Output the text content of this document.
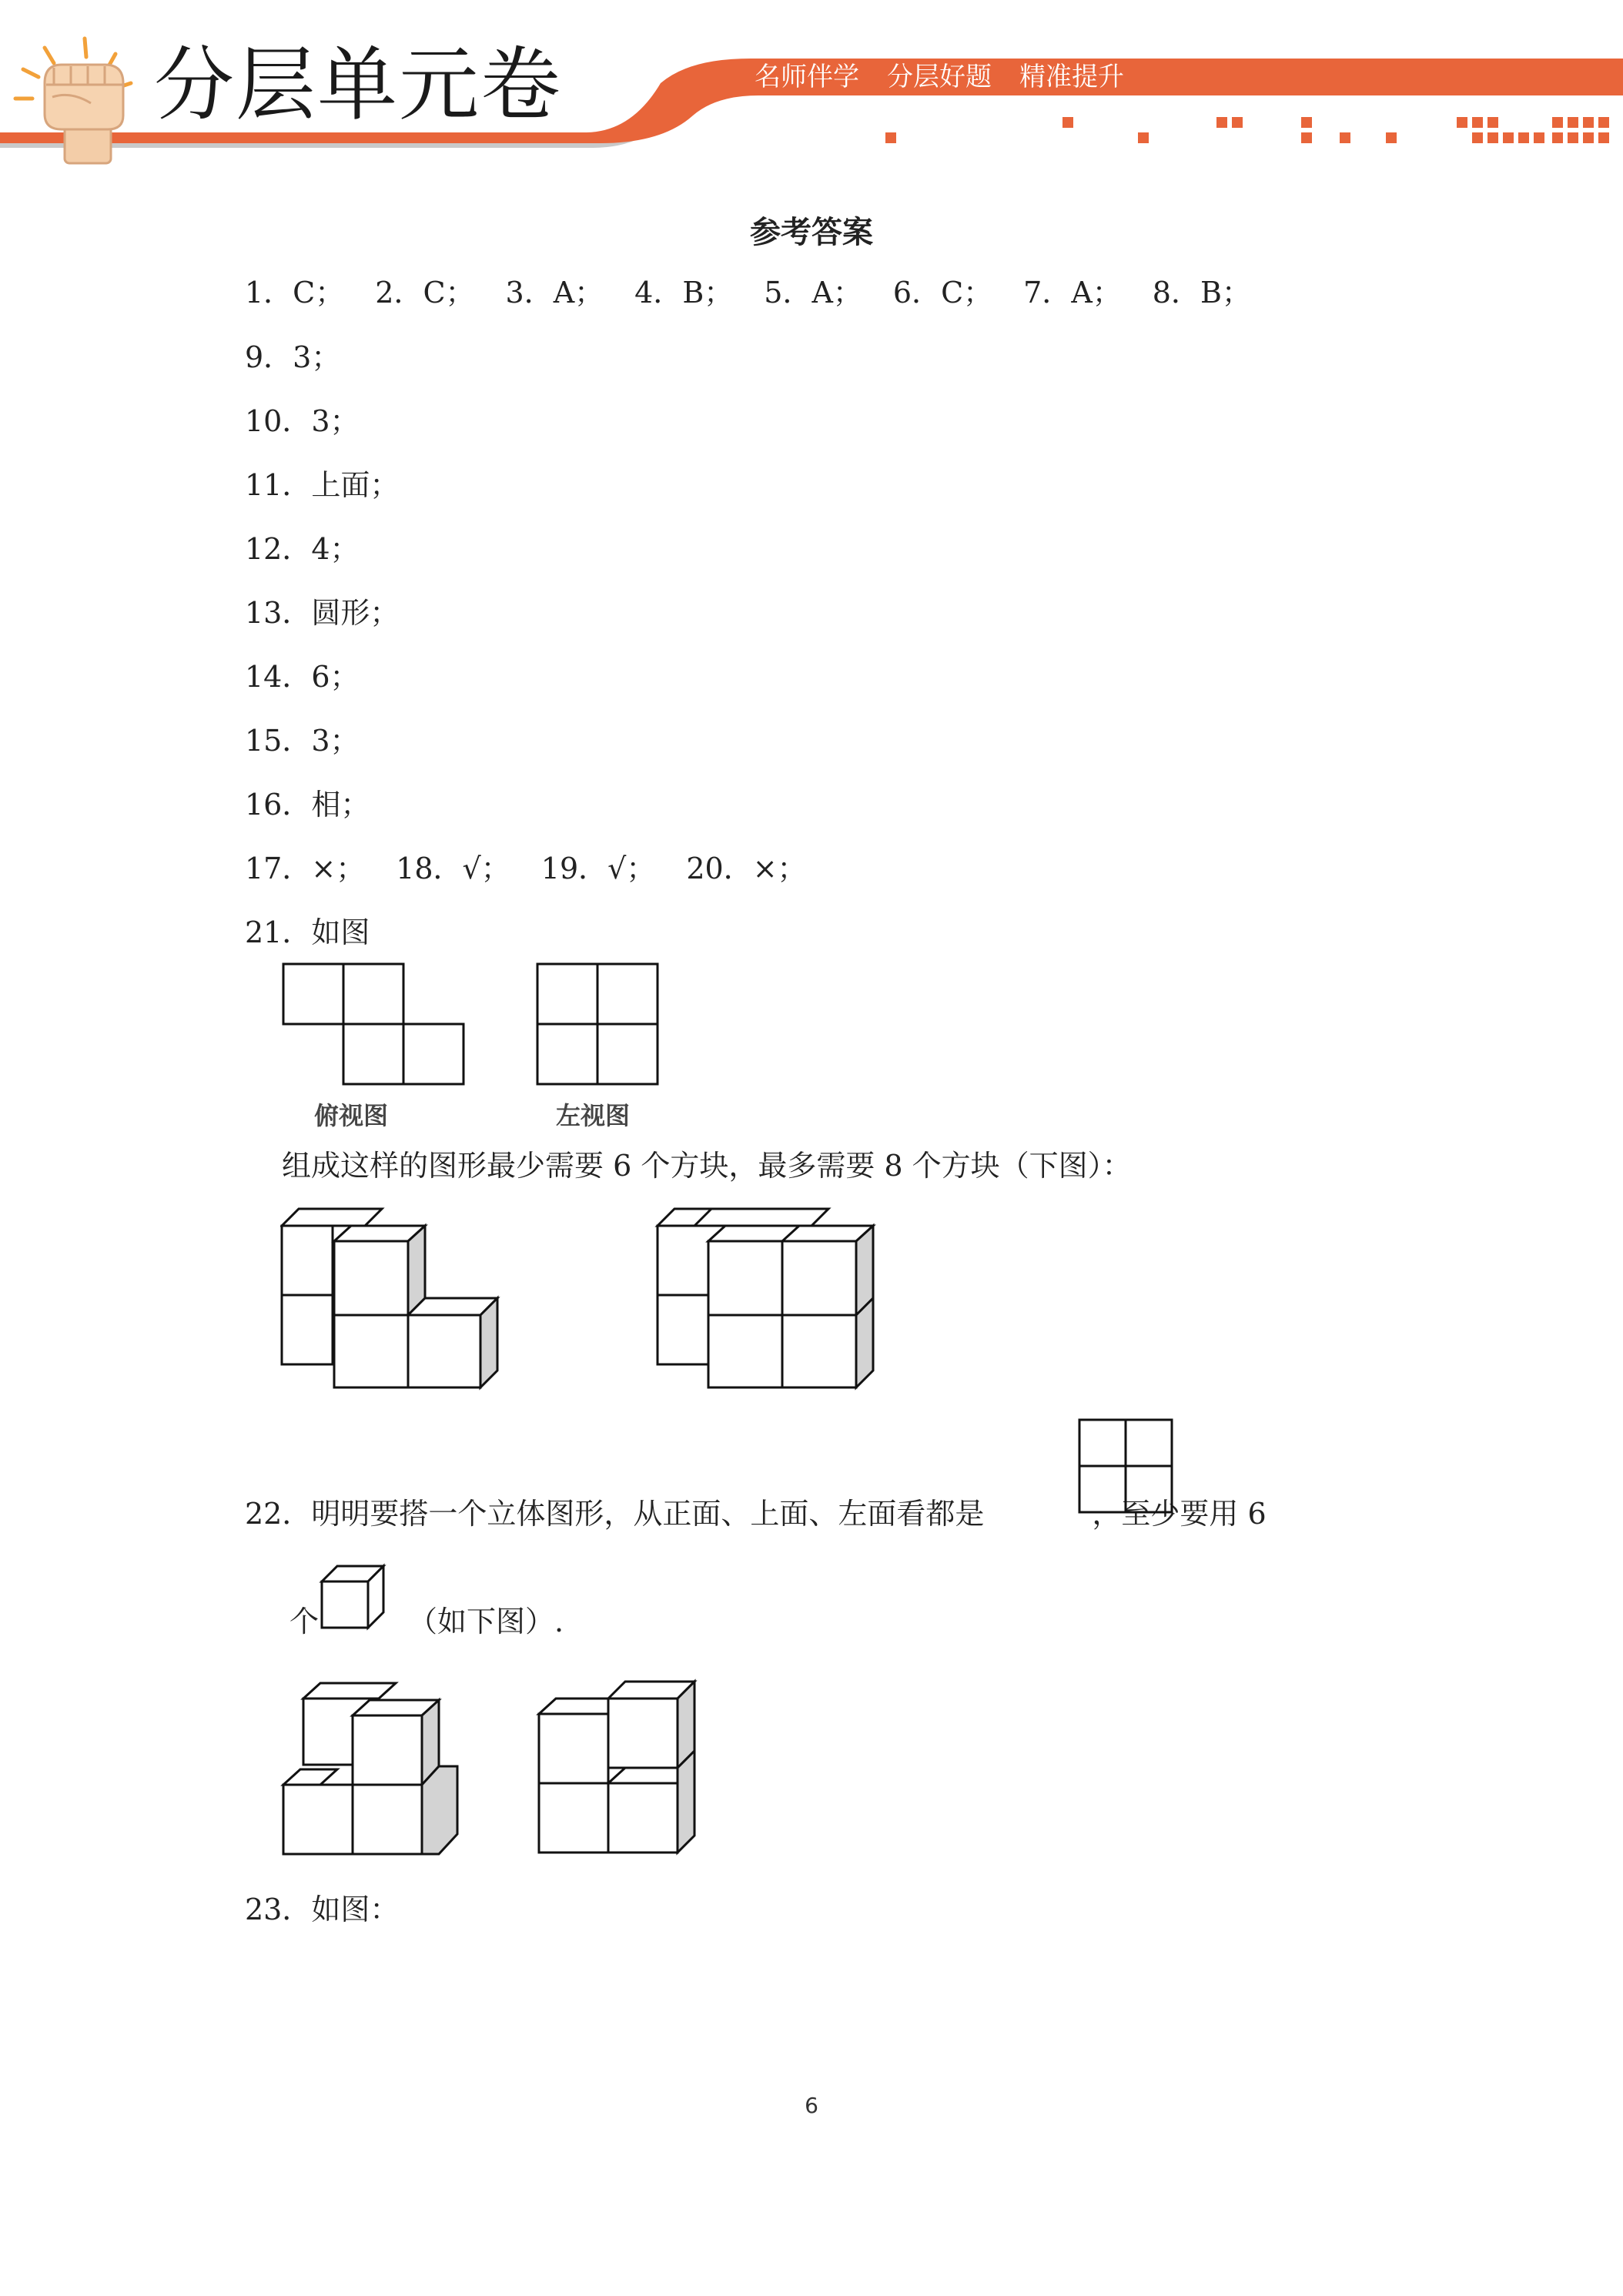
分层单元卷	名师伴学 分层好题 精准提升
参考答案
1．C； 2．C； 3．A； 4．B； 5．A； 6．C； 7．A； 8．B；
9．3；
10．3；
11．上面；
12．4；
13．圆形；
14．6；
15．3；
16．相；
17．×； 18．√； 19．√； 20．×；
21．如图
俯视图	左视图
组成这样的图形最少需要 6 个方块，最多需要 8 个方块（下图）：
22．明明要搭一个立体图形，从正面、上面、左面看都是	，至少要用 6
个	（如下图）.
23．如图：
6
